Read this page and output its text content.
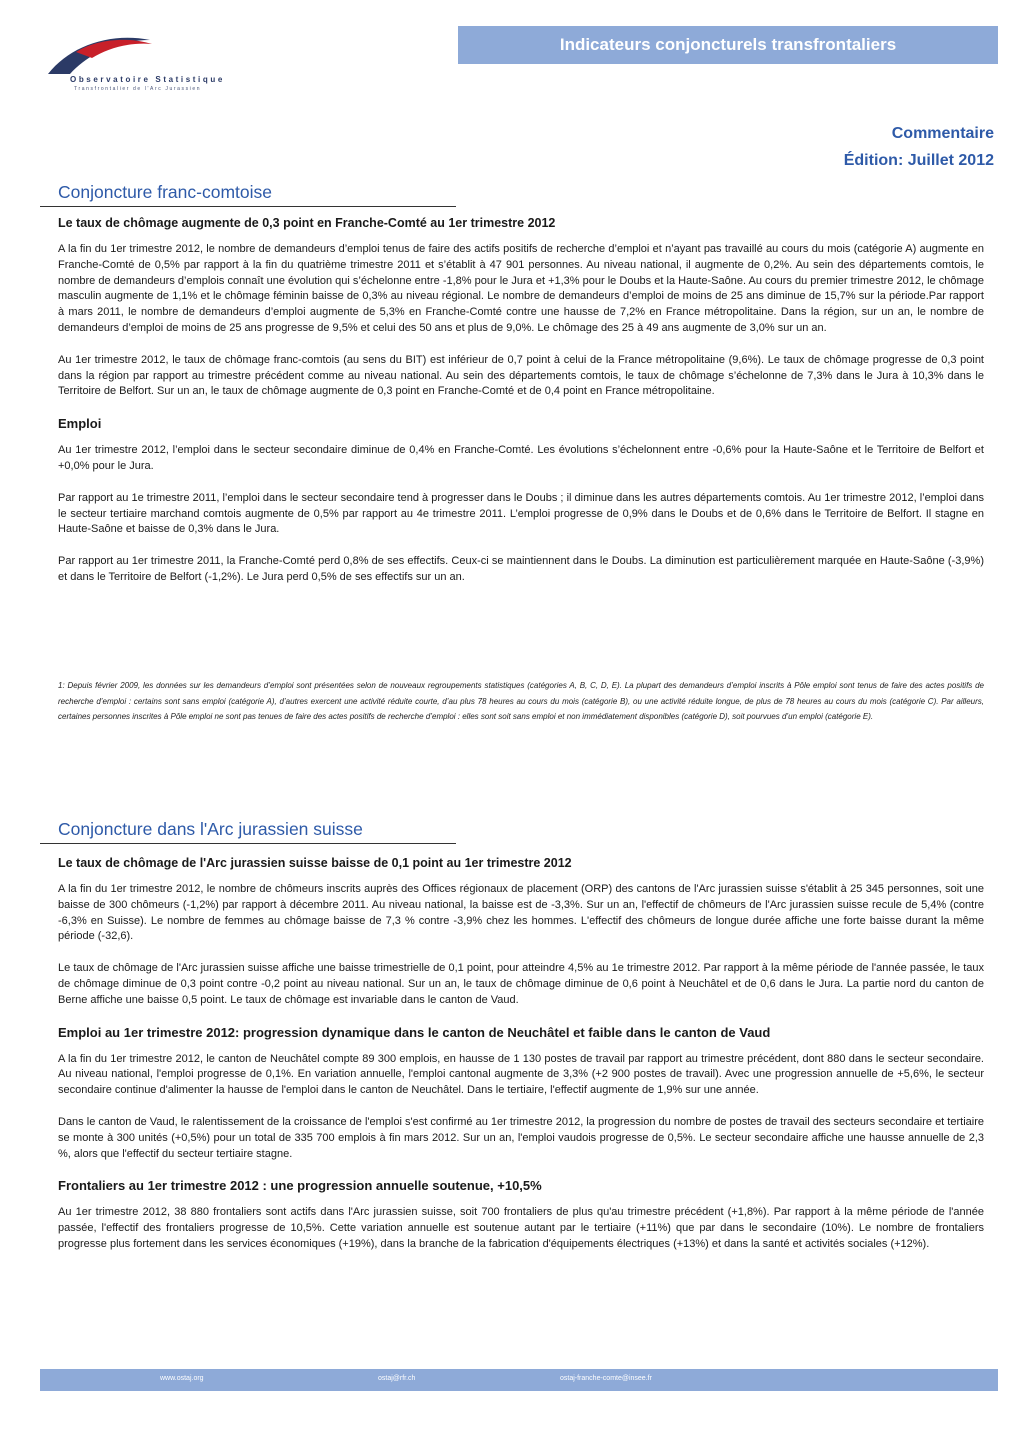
Observatoire Statistique
Transfrontalier de l'Arc Jurassien
Indicateurs conjoncturels transfrontaliers
Commentaire
Édition: Juillet 2012
Conjoncture franc-comtoise

Le taux de chômage augmente de 0,3 point en Franche-Comté au 1er trimestre 2012

A la fin du 1er trimestre 2012, le nombre de demandeurs d’emploi tenus de faire des actifs positifs de recherche d’emploi et n’ayant pas travaillé au cours du mois (catégorie A) augmente en Franche-Comté de 0,5% par rapport à la fin du quatrième trimestre 2011 et s’établit à 47 901 personnes. Au niveau national, il augmente de 0,2%. Au sein des départements comtois, le nombre de demandeurs d’emplois connaît une évolution qui s’échelonne entre -1,8% pour le Jura et +1,3% pour le Doubs et la Haute-Saône. Au cours du premier trimestre 2012, le chômage masculin augmente de 1,1% et le chômage féminin baisse de 0,3% au niveau régional. Le nombre de demandeurs d’emploi de moins de 25 ans diminue de 15,7% sur la période.Par rapport à mars 2011, le nombre de demandeurs d’emploi augmente de 5,3% en Franche-Comté contre une hausse de 7,2% en France métropolitaine. Dans la région, sur un an, le nombre de demandeurs d’emploi de moins de 25 ans progresse de 9,5% et celui des 50 ans et plus de 9,0%. Le chômage des 25 à 49 ans augmente de 3,0% sur un an.

Au 1er trimestre 2012, le taux de chômage franc-comtois (au sens du BIT) est inférieur de 0,7 point à celui de la France métropolitaine (9,6%). Le taux de chômage progresse de 0,3 point dans la région par rapport au trimestre précédent comme au niveau national. Au sein des départements comtois, le taux de chômage s’échelonne de 7,3% dans le Jura à 10,3% dans le Territoire de Belfort. Sur un an, le taux de chômage augmente de 0,3 point en Franche-Comté et de 0,4 point en France métropolitaine.

Emploi

Au 1er trimestre 2012, l’emploi dans le secteur secondaire diminue de 0,4% en Franche-Comté. Les évolutions s’échelonnent entre -0,6% pour la Haute-Saône et le Territoire de Belfort et +0,0% pour le Jura.

Par rapport au 1e trimestre 2011, l’emploi dans le secteur secondaire tend à progresser dans le Doubs ; il diminue dans les autres départements comtois. Au 1er trimestre 2012, l’emploi dans le secteur tertiaire marchand comtois augmente de 0,5% par rapport au 4e trimestre 2011. L’emploi progresse de 0,9% dans le Doubs et de 0,6% dans le Territoire de Belfort. Il stagne en Haute-Saône et baisse de 0,3% dans le Jura.

Par rapport au 1er trimestre 2011, la Franche-Comté perd 0,8% de ses effectifs. Ceux-ci se maintiennent dans le Doubs. La diminution est particulièrement marquée en Haute-Saône (-3,9%) et dans le Territoire de Belfort (-1,2%). Le Jura perd 0,5% de ses effectifs sur un an.

1: Depuis février 2009, les données sur les demandeurs d’emploi sont présentées selon de nouveaux regroupements statistiques (catégories A, B, C, D, E). La plupart des demandeurs d’emploi inscrits à Pôle emploi sont tenus de faire des actes positifs de recherche d’emploi : certains sont sans emploi (catégorie A), d’autres exercent une activité réduite courte, d’au plus 78 heures au cours du mois (catégorie B), ou une activité réduite longue, de plus de 78 heures au cours du mois (catégorie C). Par ailleurs, certaines personnes inscrites à Pôle emploi ne sont pas tenues de faire des actes positifs de recherche d’emploi : elles sont soit sans emploi et non immédiatement disponibles (catégorie D), soit pourvues d’un emploi (catégorie E).

Conjoncture dans l'Arc jurassien suisse

Le taux de chômage de l'Arc jurassien suisse baisse de 0,1 point au 1er trimestre 2012

A la fin du 1er trimestre 2012, le nombre de chômeurs inscrits auprès des Offices régionaux de placement (ORP) des cantons de l'Arc jurassien suisse s'établit à 25 345 personnes, soit une baisse de 300 chômeurs (-1,2%) par rapport à décembre 2011. Au niveau national, la baisse est de -3,3%. Sur un an, l'effectif de chômeurs de l'Arc jurassien suisse recule de 5,4% (contre -6,3% en Suisse). Le nombre de femmes au chômage baisse de 7,3 % contre -3,9% chez les hommes. L'effectif des chômeurs de longue durée affiche une forte baisse durant la même période (-32,6).

Le taux de chômage de l'Arc jurassien suisse affiche une baisse trimestrielle de 0,1 point, pour atteindre 4,5% au 1e trimestre 2012. Par rapport à la même période de l'année passée, le taux de chômage diminue de 0,3 point contre -0,2 point au niveau national. Sur un an, le taux de chômage diminue de 0,6 point à Neuchâtel et de 0,6 dans le Jura. La partie nord du canton de Berne affiche une baisse 0,5 point. Le taux de chômage est invariable dans le canton de Vaud.

Emploi au 1er trimestre 2012: progression dynamique dans le canton de Neuchâtel et faible dans le canton de Vaud

A la fin du 1er trimestre 2012, le canton de Neuchâtel compte 89 300 emplois, en hausse de 1 130 postes de travail par rapport au trimestre précédent, dont 880 dans le secteur secondaire. Au niveau national, l'emploi progresse de 0,1%. En variation annuelle, l'emploi cantonal augmente de 3,3% (+2 900 postes de travail). Avec une progression annuelle de +5,6%, le secteur secondaire continue d'alimenter la hausse de l'emploi dans le canton de Neuchâtel. Dans le tertiaire, l'effectif augmente de 1,9% sur une année.

Dans le canton de Vaud, le ralentissement de la croissance de l'emploi s'est confirmé au 1er trimestre 2012, la progression du nombre de postes de travail des secteurs secondaire et tertiaire se monte à 300 unités (+0,5%) pour un total de 335 700 emplois à fin mars 2012. Sur un an, l'emploi vaudois progresse de 0,5%. Le secteur secondaire affiche une hausse annuelle de 2,3 %, alors que l'effectif du secteur tertiaire stagne.

Frontaliers au 1er trimestre 2012 : une progression annuelle soutenue, +10,5%

Au 1er trimestre 2012, 38 880 frontaliers sont actifs dans l'Arc jurassien suisse, soit 700 frontaliers de plus qu'au trimestre précédent (+1,8%). Par rapport à la même période de l'année passée, l'effectif des frontaliers progresse de 10,5%. Cette variation annuelle est soutenue autant par le tertiaire (+11%) que par dans le secondaire (10%). Le nombre de frontaliers progresse plus fortement dans les services économiques (+19%), dans la branche de la fabrication d'équipements électriques (+13%) et dans la santé et activités sociales (+12%).

www.ostaj.org	ostaj@rfr.ch	ostaj-franche-comte@insee.fr
